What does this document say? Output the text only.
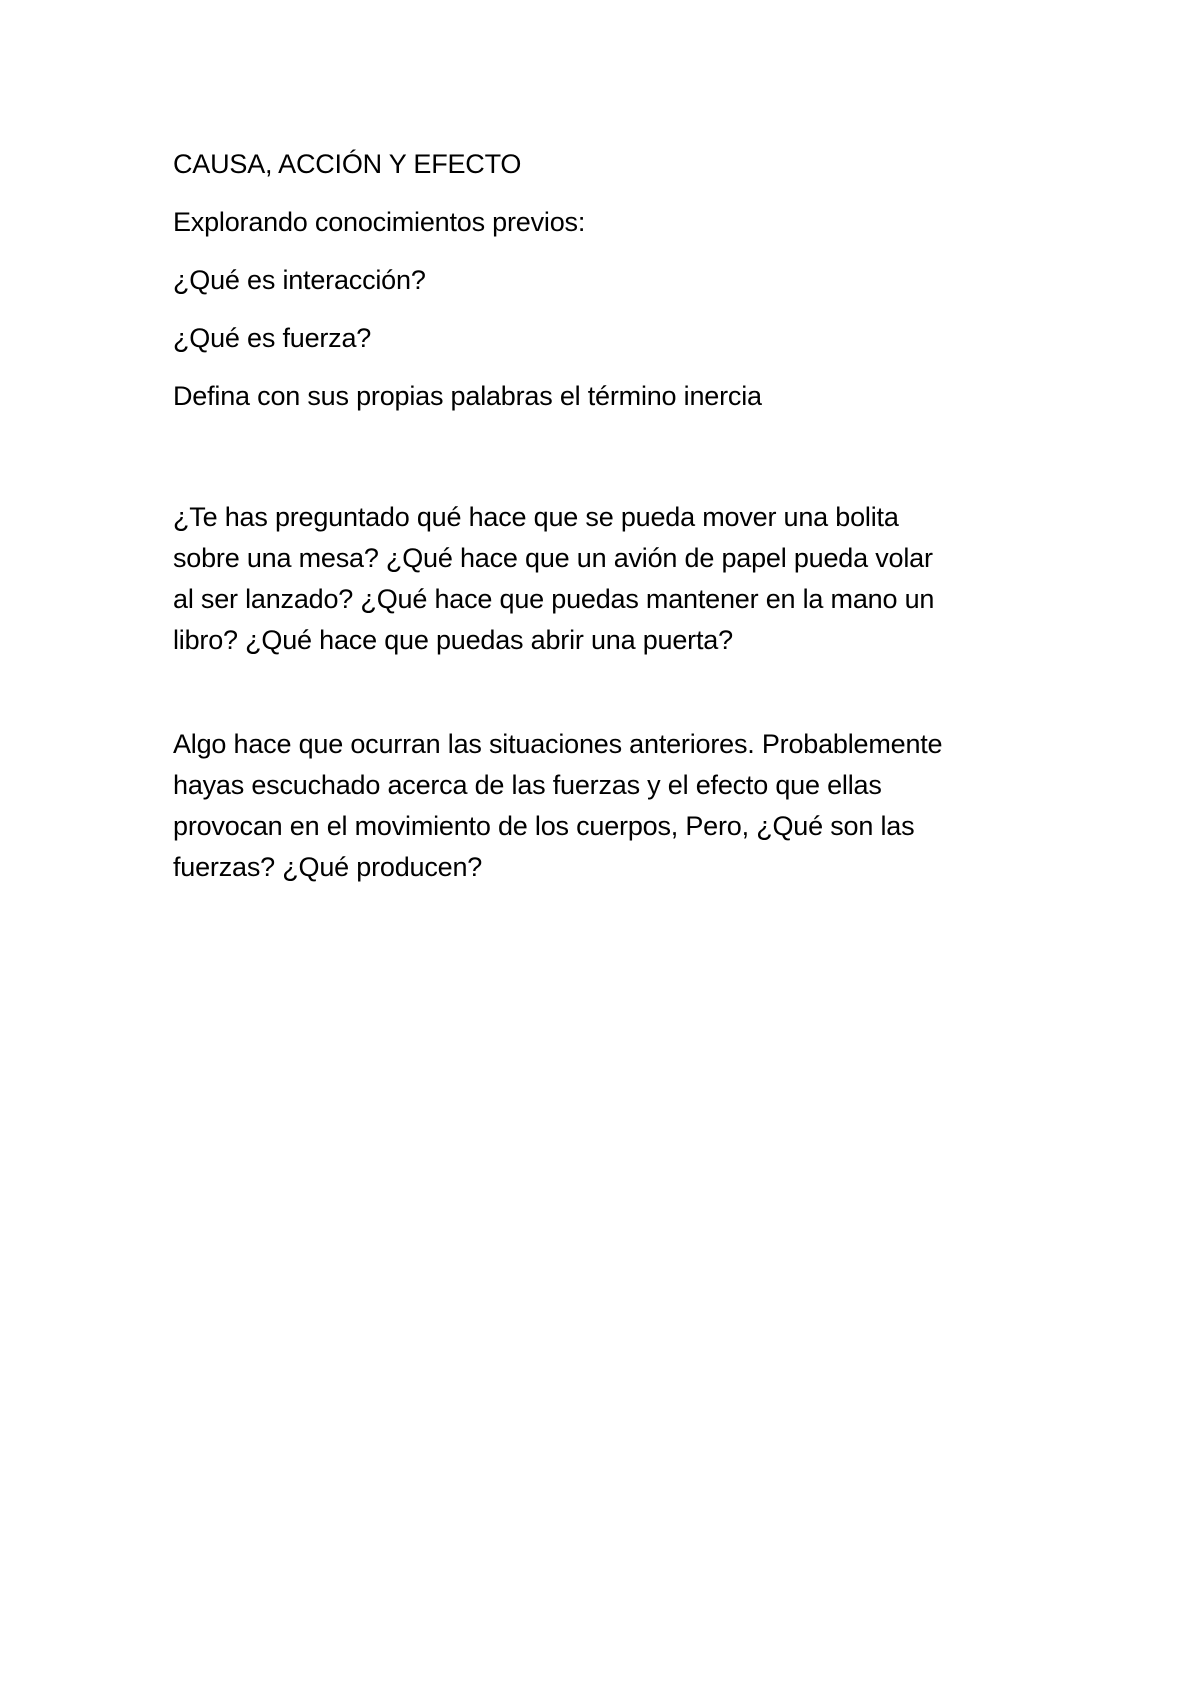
CAUSA, ACCIÓN Y EFECTO

Explorando conocimientos previos:

¿Qué es interacción?

¿Qué es fuerza?

Defina con sus propias palabras el término inercia

¿Te has preguntado qué hace que se pueda mover una bolita

sobre una mesa? ¿Qué hace que un avión de papel pueda volar

al ser lanzado? ¿Qué hace que puedas mantener en la mano un

libro? ¿Qué hace que puedas abrir una puerta?

Algo hace que ocurran las situaciones anteriores. Probablemente

hayas escuchado acerca de las fuerzas y el efecto que ellas

provocan en el movimiento de los cuerpos, Pero, ¿Qué son las

fuerzas? ¿Qué producen?
